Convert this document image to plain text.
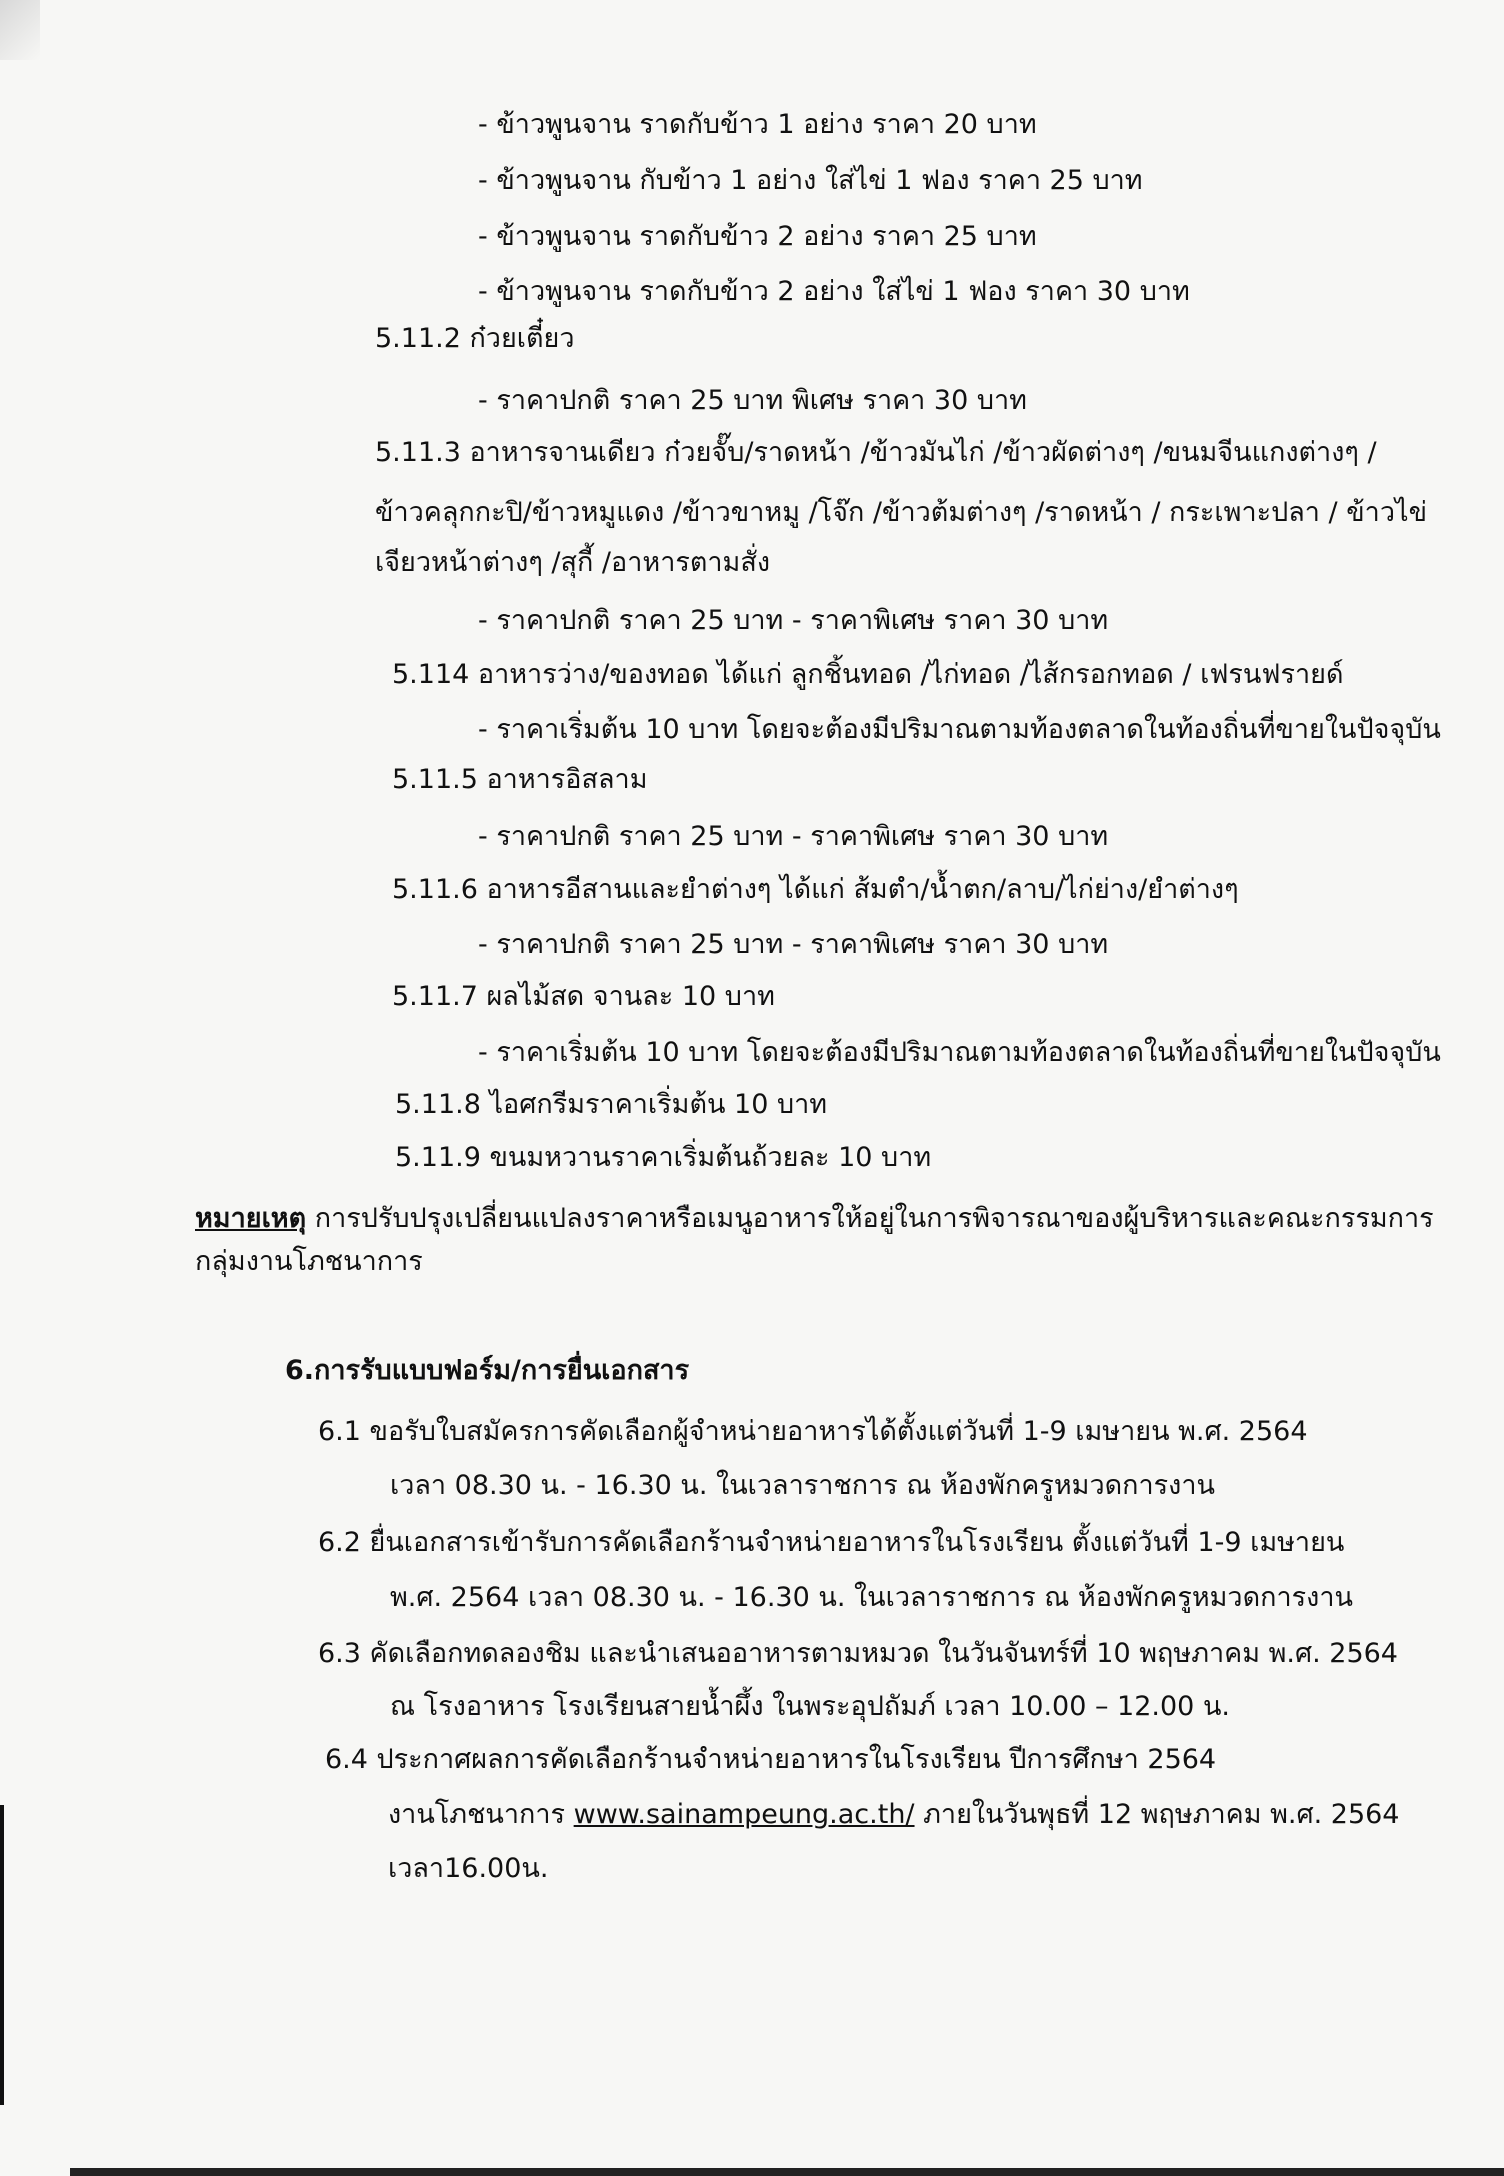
- ข้าวพูนจาน ราดกับข้าว 1 อย่าง ราคา 20 บาท
- ข้าวพูนจาน กับข้าว 1 อย่าง ใส่ไข่ 1 ฟอง ราคา 25 บาท
- ข้าวพูนจาน ราดกับข้าว 2 อย่าง ราคา 25 บาท
- ข้าวพูนจาน ราดกับข้าว 2 อย่าง ใส่ไข่ 1 ฟอง ราคา 30 บาท
5.11.2 ก๋วยเตี๋ยว
- ราคาปกติ ราคา 25 บาท พิเศษ ราคา 30 บาท
5.11.3 อาหารจานเดียว ก๋วยจั๊บ/ราดหน้า /ข้าวมันไก่ /ข้าวผัดต่างๆ /ขนมจีนแกงต่างๆ /
ข้าวคลุกกะปิ/ข้าวหมูแดง /ข้าวขาหมู /โจ๊ก /ข้าวต้มต่างๆ /ราดหน้า / กระเพาะปลา / ข้าวไข่
เจียวหน้าต่างๆ /สุกี้ /อาหารตามสั่ง
- ราคาปกติ ราคา 25 บาท - ราคาพิเศษ ราคา 30 บาท
5.114 อาหารว่าง/ของทอด ได้แก่ ลูกชิ้นทอด /ไก่ทอด /ไส้กรอกทอด / เฟรนฟรายด์
- ราคาเริ่มต้น 10 บาท โดยจะต้องมีปริมาณตามท้องตลาดในท้องถิ่นที่ขายในปัจจุบัน
5.11.5 อาหารอิสลาม
- ราคาปกติ ราคา 25 บาท - ราคาพิเศษ ราคา 30 บาท
5.11.6 อาหารอีสานและยำต่างๆ ได้แก่ ส้มตำ/น้ำตก/ลาบ/ไก่ย่าง/ยำต่างๆ
- ราคาปกติ ราคา 25 บาท - ราคาพิเศษ ราคา 30 บาท
5.11.7 ผลไม้สด จานละ 10 บาท
- ราคาเริ่มต้น 10 บาท โดยจะต้องมีปริมาณตามท้องตลาดในท้องถิ่นที่ขายในปัจจุบัน
5.11.8 ไอศกรีมราคาเริ่มต้น 10 บาท
5.11.9 ขนมหวานราคาเริ่มต้นถ้วยละ 10 บาท
หมายเหตุ การปรับปรุงเปลี่ยนแปลงราคาหรือเมนูอาหารให้อยู่ในการพิจารณาของผู้บริหารและคณะกรรมการ
กลุ่มงานโภชนาการ
6.การรับแบบฟอร์ม/การยื่นเอกสาร
6.1 ขอรับใบสมัครการคัดเลือกผู้จำหน่ายอาหารได้ตั้งแต่วันที่ 1-9 เมษายน พ.ศ. 2564
เวลา 08.30 น. - 16.30 น. ในเวลาราชการ ณ ห้องพักครูหมวดการงาน
6.2 ยื่นเอกสารเข้ารับการคัดเลือกร้านจำหน่ายอาหารในโรงเรียน ตั้งแต่วันที่ 1-9 เมษายน
พ.ศ. 2564 เวลา 08.30 น. - 16.30 น. ในเวลาราชการ ณ ห้องพักครูหมวดการงาน
6.3 คัดเลือกทดลองชิม และนำเสนออาหารตามหมวด ในวันจันทร์ที่ 10 พฤษภาคม พ.ศ. 2564
ณ โรงอาหาร โรงเรียนสายน้ำผึ้ง ในพระอุปถัมภ์ เวลา 10.00 – 12.00 น.
6.4 ประกาศผลการคัดเลือกร้านจำหน่ายอาหารในโรงเรียน ปีการศึกษา 2564
งานโภชนาการ www.sainampeung.ac.th/ ภายในวันพุธที่ 12 พฤษภาคม พ.ศ. 2564
เวลา16.00น.
